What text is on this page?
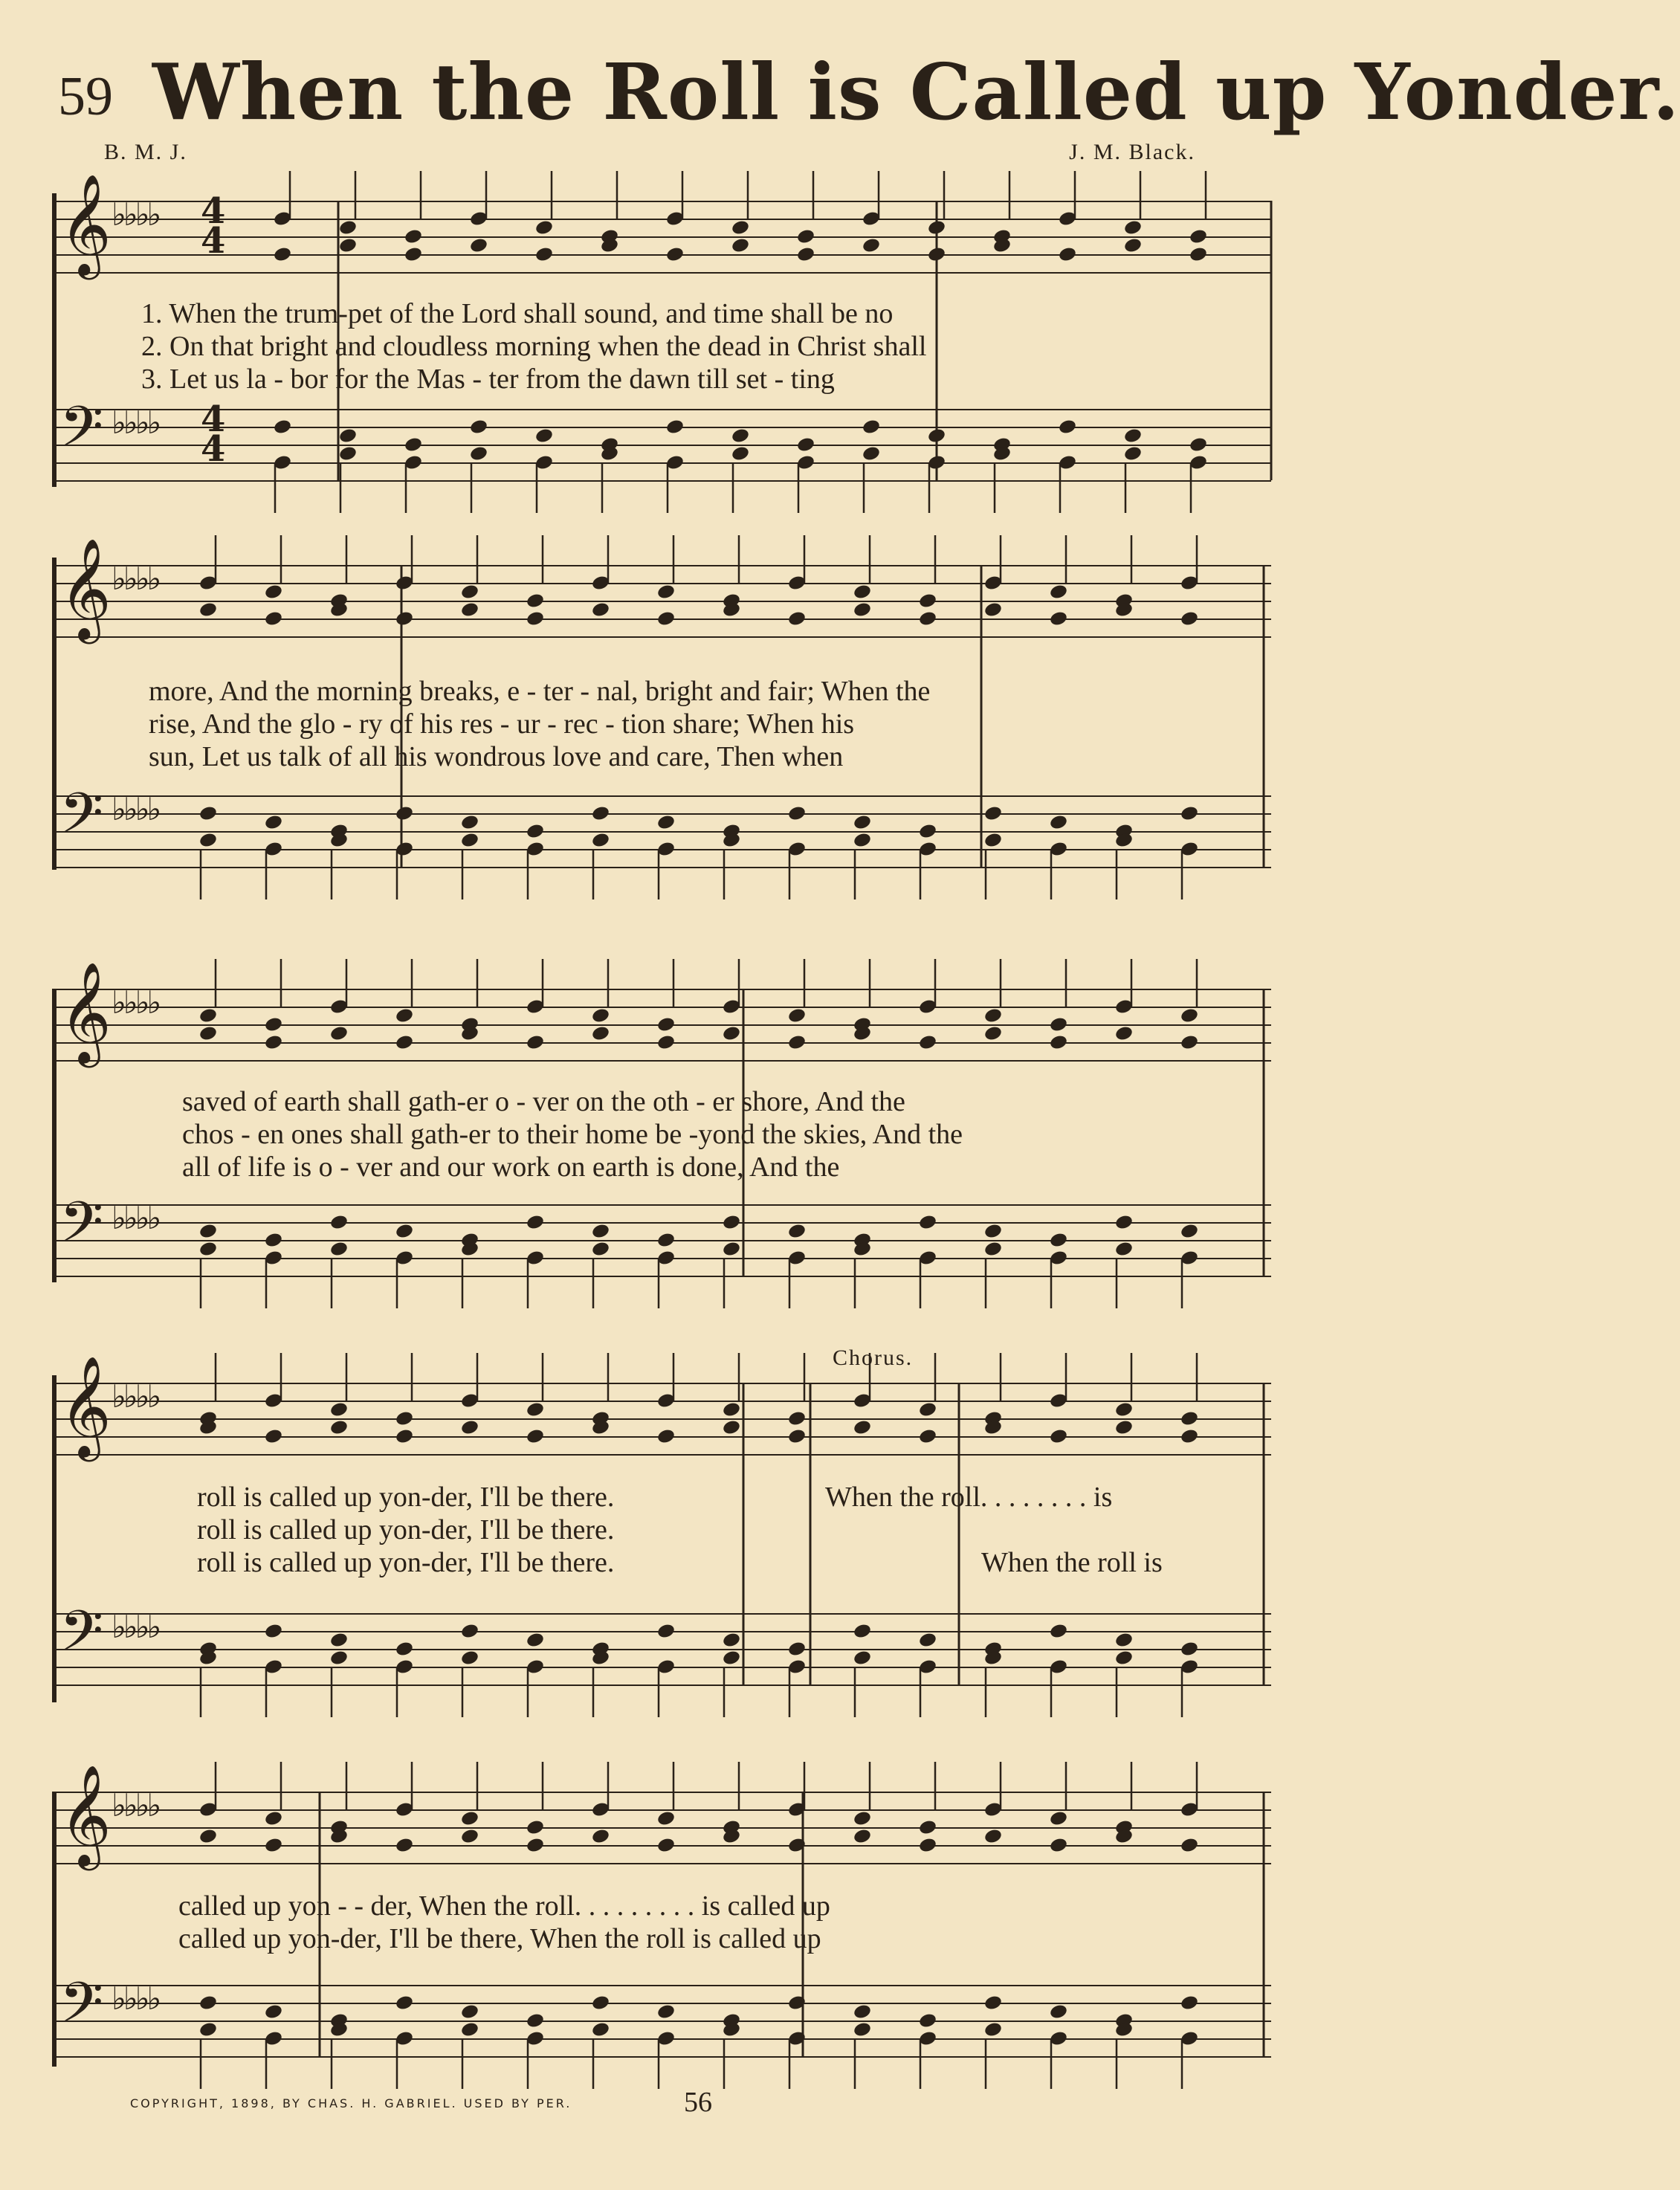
59 When the Roll is Called up Yonder.
B. M. J.	J. M. Black.
𝄞 ♭♭♭♭ 4
4
1. When the trum-pet of the Lord shall sound, and time shall be no
2. On that bright and cloudless morning when the dead in Christ shall
3. Let us la - bor for the Mas - ter from the dawn till set - ting
𝄢 ♭♭♭♭ 4
4
𝄞 ♭♭♭♭
more, And the morning breaks, e - ter - nal, bright and fair; When the
rise, And the glo - ry of his res - ur - rec - tion share; When his
sun, Let us talk of all his wondrous love and care, Then when
𝄢 ♭♭♭♭
𝄞 ♭♭♭♭
saved of earth shall gath-er o - ver on the oth - er shore, And the
chos - en ones shall gath-er to their home be -yond the skies, And the
all of life is o - ver and our work on earth is done, And the
𝄢 ♭♭♭♭
Chorus.
𝄞 ♭♭♭♭
roll is called up yon-der, I'll be there.
roll is called up yon-der, I'll be there.
roll is called up yon-der, I'll be there.
When the roll. . . . . . . . is
When the roll is
𝄢 ♭♭♭♭
𝄞 ♭♭♭♭
called up yon - - der, When the roll. . . . . . . . . is called up
called up yon-der, I'll be there, When the roll is called up
𝄢 ♭♭♭♭
COPYRIGHT, 1898, BY CHAS. H. GABRIEL. USED BY PER.	56
